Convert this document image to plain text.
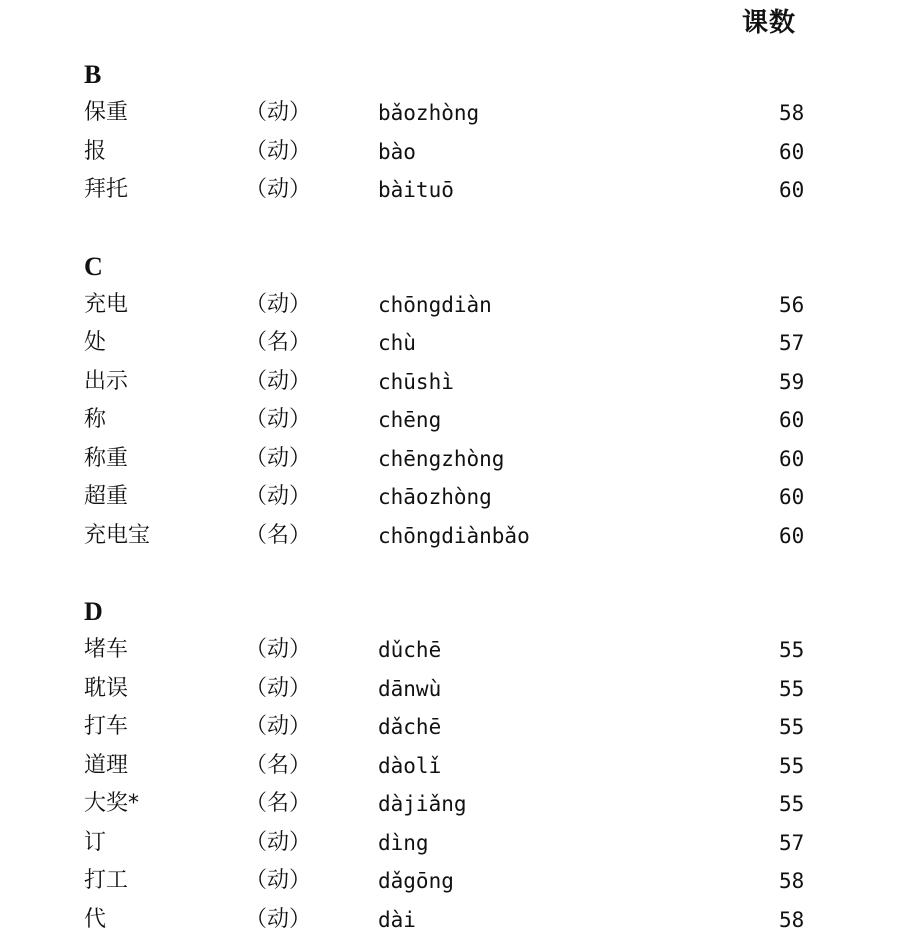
课数
B
保重	（动）	bǎozhòng	58
报	（动）	bào	60
拜托	（动）	bàituō	60
C
充电	（动）	chōngdiàn	56
处	（名）	chù	57
出示	（动）	chūshì	59
称	（动）	chēng	60
称重	（动）	chēngzhòng	60
超重	（动）	chāozhòng	60
充电宝	（名）	chōngdiànbǎo	60
D
堵车	（动）	dǔchē	55
耽误	（动）	dānwù	55
打车	（动）	dǎchē	55
道理	（名）	dàolǐ	55
大奖*	（名）	dàjiǎng	55
订	（动）	dìng	57
打工	（动）	dǎgōng	58
代	（动）	dài	58
